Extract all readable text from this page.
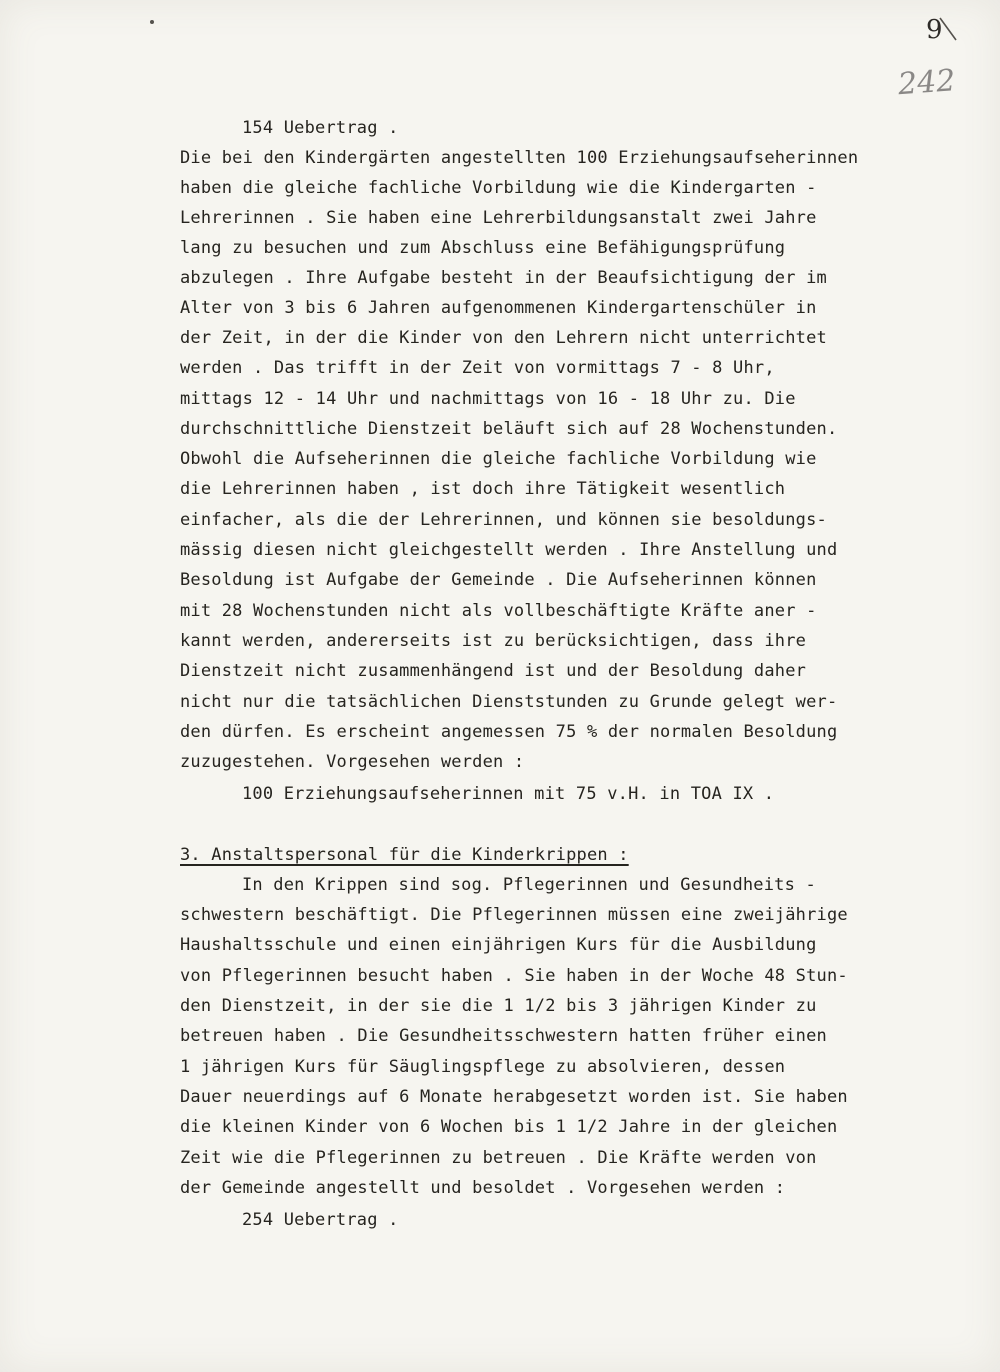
9
242
154 Uebertrag .
Die bei den Kindergärten angestellten 100 Erziehungsaufseherinnen
haben die gleiche fachliche Vorbildung wie die Kindergarten -
Lehrerinnen . Sie haben eine Lehrerbildungsanstalt zwei Jahre
lang zu besuchen und zum Abschluss eine Befähigungsprüfung
abzulegen . Ihre Aufgabe besteht in der Beaufsichtigung der im
Alter von 3 bis 6 Jahren aufgenommenen Kindergartenschüler in
der Zeit, in der die Kinder von den Lehrern nicht unterrichtet
werden . Das trifft in der Zeit von vormittags 7 - 8 Uhr,
mittags 12 - 14 Uhr und nachmittags von 16 - 18 Uhr zu. Die
durchschnittliche Dienstzeit beläuft sich auf 28 Wochenstunden.
Obwohl die Aufseherinnen die gleiche fachliche Vorbildung wie
die Lehrerinnen haben , ist doch ihre Tätigkeit wesentlich
einfacher, als die der Lehrerinnen, und können sie besoldungs-
mässig diesen nicht gleichgestellt werden . Ihre Anstellung und
Besoldung ist Aufgabe der Gemeinde . Die Aufseherinnen können
mit 28 Wochenstunden nicht als vollbeschäftigte Kräfte aner -
kannt werden, andererseits ist zu berücksichtigen, dass ihre
Dienstzeit nicht zusammenhängend ist und der Besoldung daher
nicht nur die tatsächlichen Dienststunden zu Grunde gelegt wer-
den dürfen. Es erscheint angemessen 75 % der normalen Besoldung
zuzugestehen. Vorgesehen werden :
100 Erziehungsaufseherinnen mit 75 v.H. in TOA IX .
3. Anstaltspersonal für die Kinderkrippen :
In den Krippen sind sog. Pflegerinnen und Gesundheits -
schwestern beschäftigt. Die Pflegerinnen müssen eine zweijährige
Haushaltsschule und einen einjährigen Kurs für die Ausbildung
von Pflegerinnen besucht haben . Sie haben in der Woche 48 Stun-
den Dienstzeit, in der sie die 1 1/2 bis 3 jährigen Kinder zu
betreuen haben . Die Gesundheitsschwestern hatten früher einen
1 jährigen Kurs für Säuglingspflege zu absolvieren, dessen
Dauer neuerdings auf 6 Monate herabgesetzt worden ist. Sie haben
die kleinen Kinder von 6 Wochen bis 1 1/2 Jahre in der gleichen
Zeit wie die Pflegerinnen zu betreuen . Die Kräfte werden von
der Gemeinde angestellt und besoldet . Vorgesehen werden :
254 Uebertrag .
